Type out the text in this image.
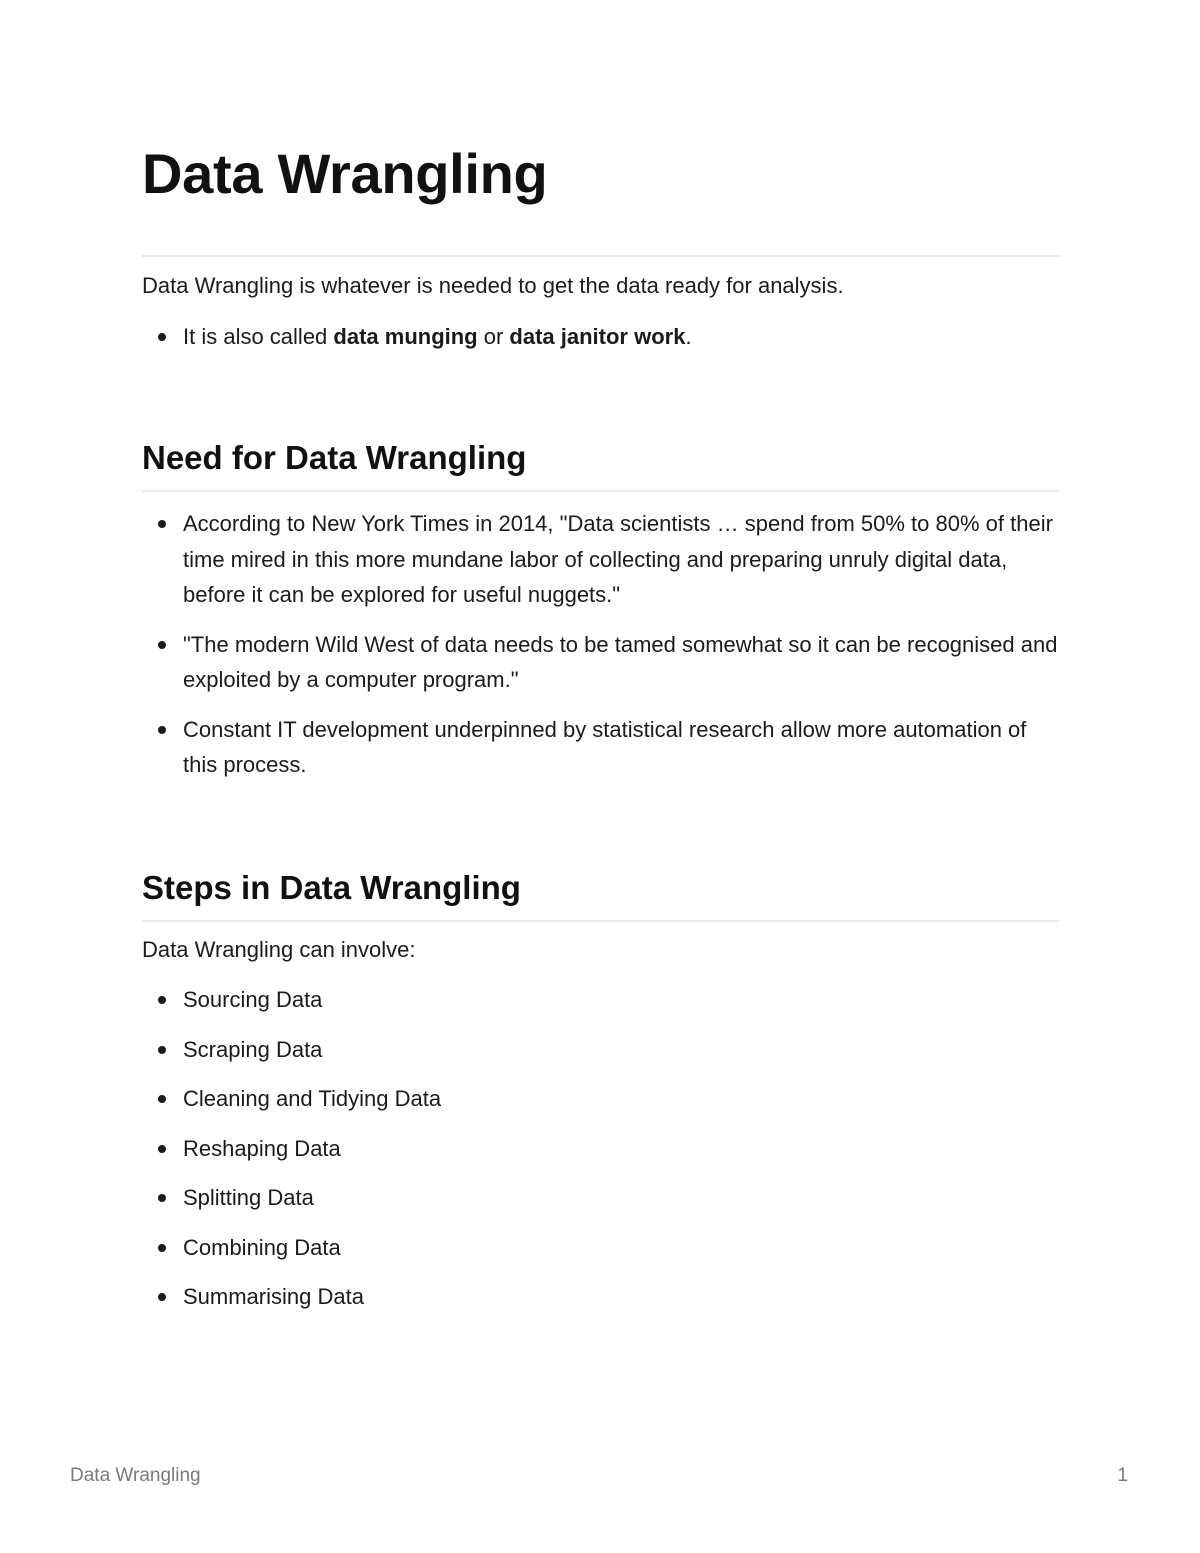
Data Wrangling

Data Wrangling is whatever is needed to get the data ready for analysis.

It is also called data munging or data janitor work.
Need for Data Wrangling
According to New York Times in 2014, "Data scientists … spend from 50% to 80% of their time mired in this more mundane labor of collecting and preparing unruly digital data, before it can be explored for useful nuggets."
"The modern Wild West of data needs to be tamed somewhat so it can be recognised and exploited by a computer program."
Constant IT development underpinned by statistical research allow more automation of this process.
Steps in Data Wrangling

Data Wrangling can involve:

Sourcing Data
Scraping Data
Cleaning and Tidying Data
Reshaping Data
Splitting Data
Combining Data
Summarising Data
Data Wrangling	1
